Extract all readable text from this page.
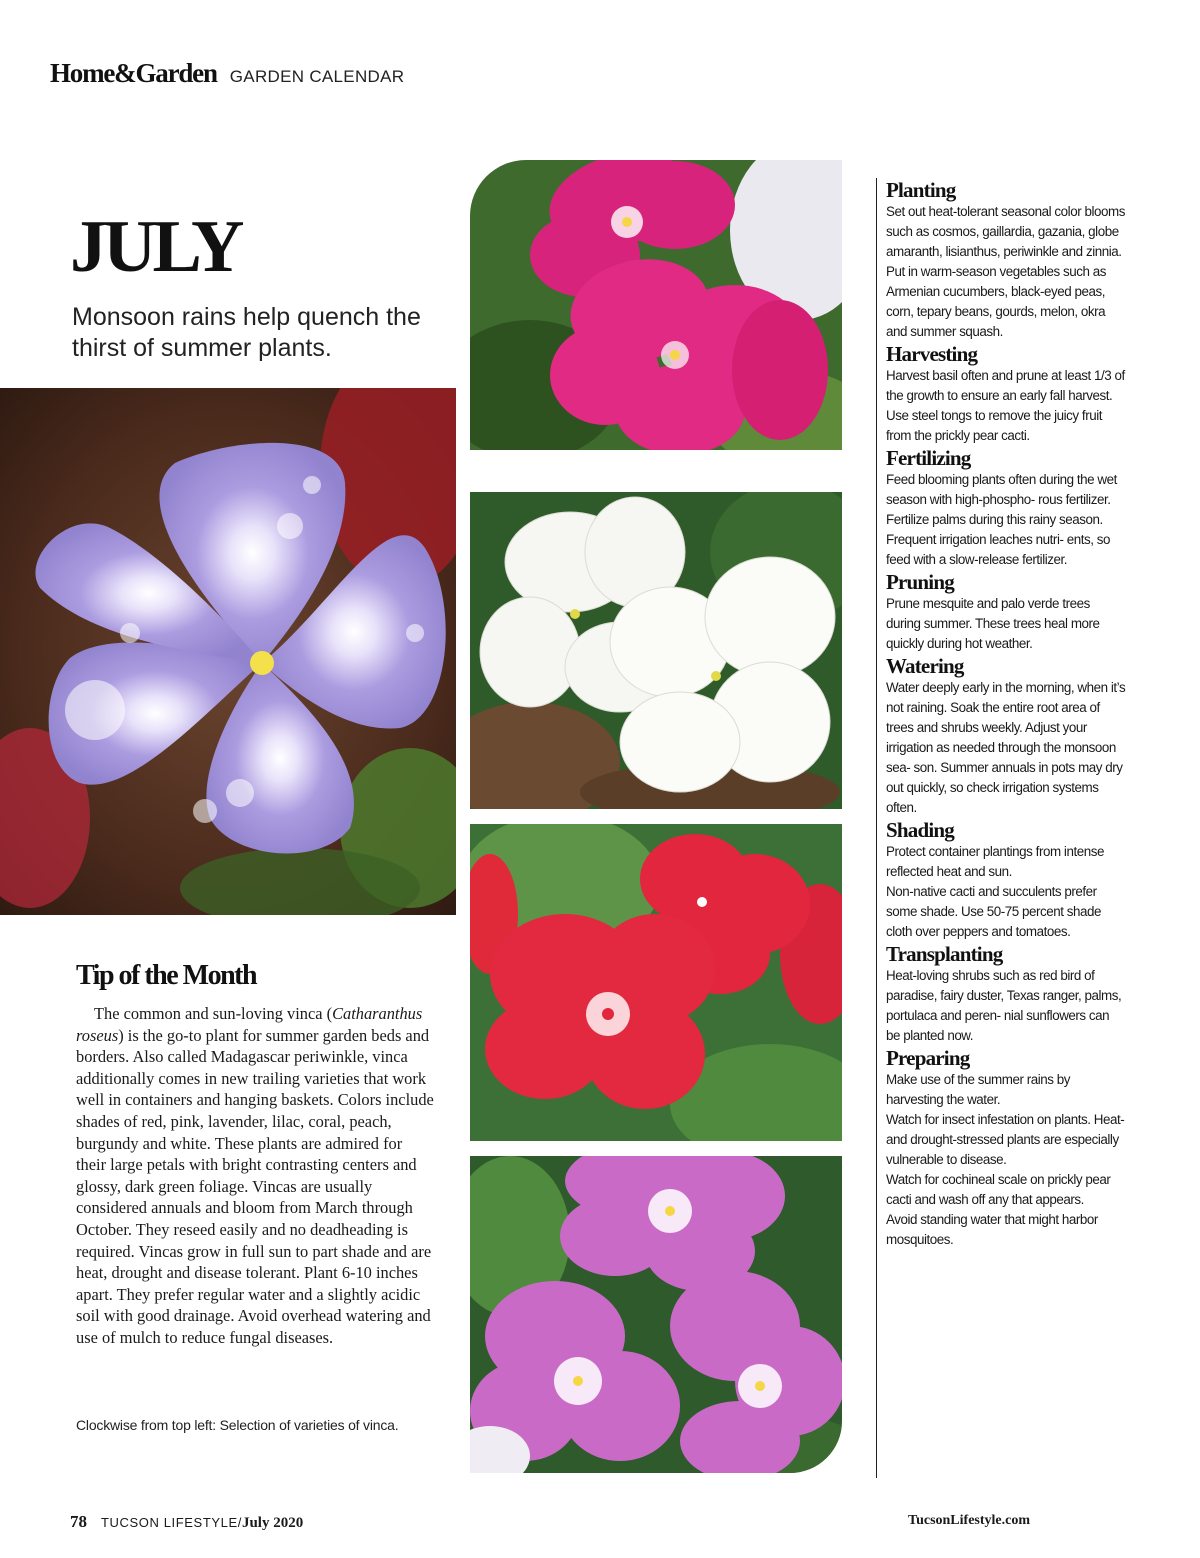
Home&Garden GARDEN CALENDAR
JULY
Monsoon rains help quench the thirst of summer plants.
Tip of the Month

The common and sun-loving vinca (Catharanthus roseus) is the go-to plant for summer garden beds and borders. Also called Madagascar periwinkle, vinca additionally comes in new trailing varieties that work well in containers and hanging baskets. Colors include shades of red, pink, lavender, lilac, coral, peach, burgundy and white. These plants are admired for their large petals with bright contrasting centers and glossy, dark green foliage. Vincas are usually considered annuals and bloom from March through October. They reseed easily and no deadheading is required. Vincas grow in full sun to part shade and are heat, drought and disease tolerant. Plant 6-10 inches apart. They prefer regular water and a slightly acidic soil with good drainage. Avoid overhead watering and use of mulch to reduce fungal diseases.

Clockwise from top left: Selection of varieties of vinca.
Planting

Set out heat-tolerant seasonal color blooms such as cosmos, gaillardia, gazania, globe amaranth, lisianthus, periwinkle and zinnia.

Put in warm-season vegetables such as Armenian cucumbers, black-eyed peas, corn, tepary beans, gourds, melon, okra and summer squash.

Harvesting

Harvest basil often and prune at least 1/3 of the growth to ensure an early fall harvest.

Use steel tongs to remove the juicy fruit from the prickly pear cacti.

Fertilizing

Feed blooming plants often during the wet season with high-phospho- rous fertilizer. Fertilize palms during this rainy season.

Frequent irrigation leaches nutri- ents, so feed with a slow-release fertilizer.

Pruning

Prune mesquite and palo verde trees during summer. These trees heal more quickly during hot weather.

Watering

Water deeply early in the morning, when it’s not raining. Soak the entire root area of trees and shrubs weekly. Adjust your irrigation as needed through the monsoon sea- son. Summer annuals in pots may dry out quickly, so check irrigation systems often.

Shading

Protect container plantings from intense reflected heat and sun.

Non-native cacti and succulents prefer some shade. Use 50-75 percent shade cloth over peppers and tomatoes.

Transplanting

Heat-loving shrubs such as red bird of paradise, fairy duster, Texas ranger, palms, portulaca and peren- nial sunflowers can be planted now.

Preparing

Make use of the summer rains by harvesting the water.

Watch for insect infestation on plants. Heat- and drought-stressed plants are especially vulnerable to disease.

Watch for cochineal scale on prickly pear cacti and wash off any that appears.

Avoid standing water that might harbor mosquitoes.

78 TUCSON LIFESTYLE / July 2020	TucsonLifestyle.com
